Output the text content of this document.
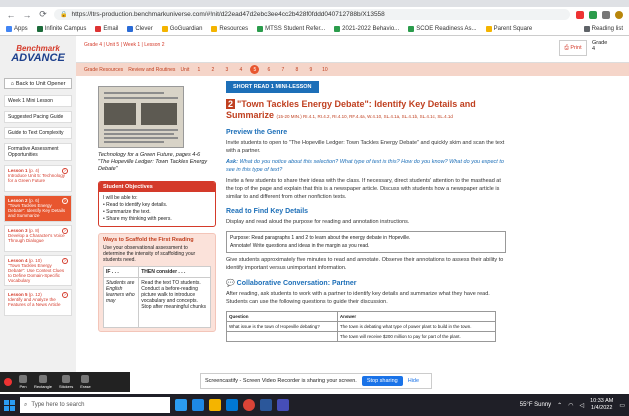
← → ⟳ 🔒 https://ltrs-production.benchmarkuniverse.com/#!nit/d22ead47d2ebc3ee4cc2b428f0fddd040712788b/X13558
Apps	Infinite Campus	Email	Clever	GoGuardian	Resources	MTSS Student Refer...	2021-2022 Behavio...	SCOE Readiness As...	Parent Square	Reading list
Benchmark
ADVANCE
⌂ Back to Unit Opener
Week 1 Mini Lesson
Suggested Pacing Guide
Guide to Text Complexity
Formative Assessment Opportunities
Lesson 1 (p. 4)
Introduce Unit 5: Technology for a Green Future
›
Lesson 2 (p. 6)
"Town Tackles Energy Debate": Identify Key Details and Summarize
›
Lesson 3 (p. 8)
Develop a Character's Voice Through Dialogue
›
Lesson 4 (p. 10)
"Town Tackles Energy Debate": Use Context Clues to Define Domain-Specific Vocabulary
›
Lesson 5 (p. 12)
Identify and Analyze the Features of a News Article
›
Grade 4 | Unit 5 | Week 1 | Lesson 2	⎙
Print
Grade
4
Grade Resources Review and Routines Unit	1	2	3	4	5	6	7	8	9	10
Technology for a Green Future, pages 4-6
"The Hopeville Ledger: Town Tackles Energy Debate"
Student Objectives
I will be able to:
• Read to identify key details.
• Summarize the text.
• Share my thinking with peers.
Ways to Scaffold the First Reading
Use your observational assessment to determine the intensity of scaffolding your students need.
IF . . .	THEN consider . . .
Students are English learners who may	Read the text TO students. Conduct a before-reading picture walk to introduce vocabulary and concepts. Stop after meaningful chunks
SHORT READ 1 MINI-LESSON
2 "Town Tackles Energy Debate": Identify Key Details and Summarize (15-20 MIN.) RI.4.1, RI.4.2, RI.4.10, RF.4.4a, W.4.10, SL.4.1a, SL.4.1b, SL.4.1c, SL.4.1d
Preview the Genre
Invite students to open to "The Hopeville Ledger: Town Tackles Energy Debate" and quickly skim and scan the text with a partner.
Ask: What do you notice about this selection? What type of text is this? How do you know? What do you expect to see in this type of text?
Invite a few students to share their ideas with the class. If necessary, direct students' attention to the masthead at the top of the page and explain that this is a newspaper article. Discuss with students how a newspaper article is similar to and different from other nonfiction texts.
Read to Find Key Details
Display and read aloud the purpose for reading and annotation instructions.
Purpose: Read paragraphs 1 and 2 to learn about the energy debate in Hopeville.
Annotate! Write questions and ideas in the margin as you read.
Give students approximately five minutes to read and annotate. Observe their annotations to assess their ability to identify important versus unimportant information.
💬 Collaborative Conversation: Partner
After reading, ask students to work with a partner to identify key details and summarize what they have read. Students can use the following questions to guide their discussion.
Question	Answer
What issue is the town of Hopeville debating?	The town is debating what type of power plant to build in the town.
	The town will receive $200 million to pay for part of the plant.
Pen Rectangle Stickers Erase
Screencastify - Screen Video Recorder is sharing your screen.	Stop sharing	Hide
⌕ Type here to search	55°F Sunny ⌃ ◠ ◁
10:33 AM
1/4/2022 ▭
